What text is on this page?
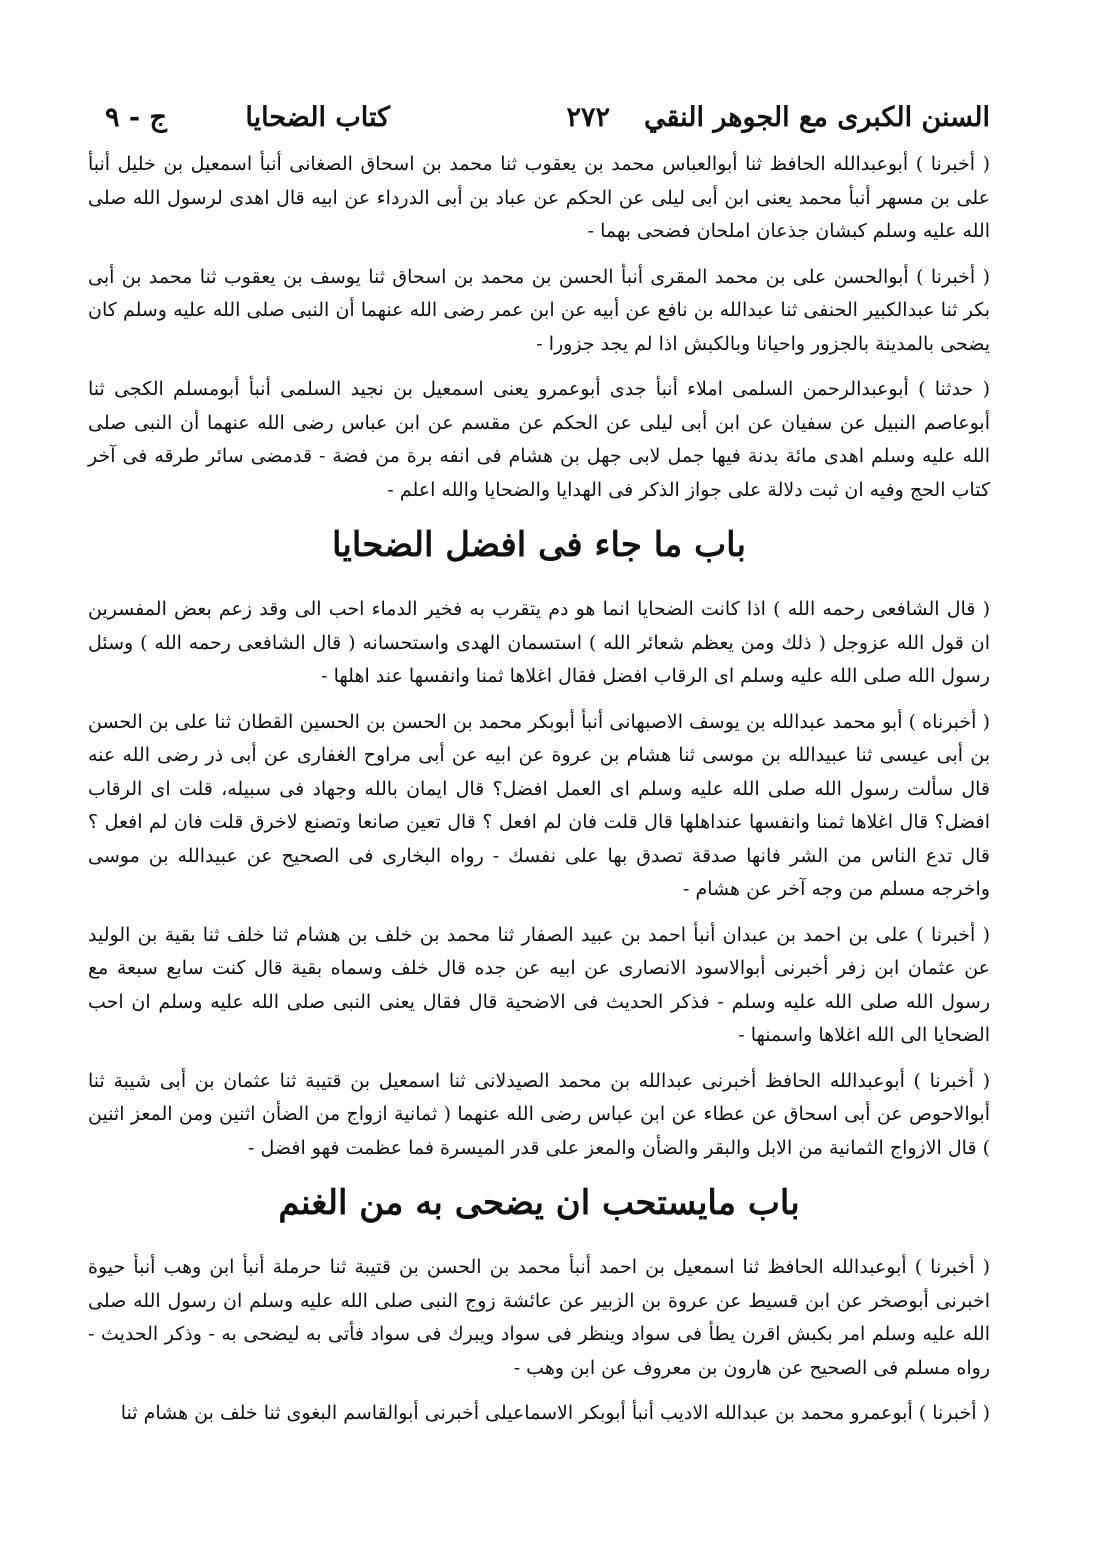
السنن الكبرى مع الجوهر النقي
٢٧٢
كتاب الضحايا
ج - ٩

( أخبرنا ) أبوعبدالله الحافظ ثنا أبوالعباس محمد بن يعقوب ثنا محمد بن اسحاق الصغانى أنبأ اسمعيل بن خليل أنبأ على بن مسهر أنبأ محمد يعنى ابن أبى ليلى عن الحكم عن عباد بن أبى الدرداء عن ابيه قال اهدى لرسول الله صلى الله عليه وسلم كبشان جذعان املحان فضحى بهما -

( أخبرنا ) أبوالحسن على بن محمد المقرى أنبأ الحسن بن محمد بن اسحاق ثنا يوسف بن يعقوب ثنا محمد بن أبى بكر ثنا عبدالكبير الحنفى ثنا عبدالله بن نافع عن أبيه عن ابن عمر رضى الله عنهما أن النبى صلى الله عليه وسلم كان يضحى بالمدينة بالجزور واحيانا وبالكبش اذا لم يجد جزورا -

( حدثنا ) أبوعبدالرحمن السلمى املاء أنبأ جدى أبوعمرو يعنى اسمعيل بن نجيد السلمى أنبأ أبومسلم الكجى ثنا أبوعاصم النبيل عن سفيان عن ابن أبى ليلى عن الحكم عن مقسم عن ابن عباس رضى الله عنهما أن النبى صلى الله عليه وسلم اهدى مائة بدنة فيها جمل لابى جهل بن هشام فى انفه برة من فضة - قدمضى سائر طرقه فى آخر كتاب الحج وفيه ان ثبت دلالة على جواز الذكر فى الهدايا والضحايا والله اعلم -

باب ما جاء فى افضل الضحايا

( قال الشافعى رحمه الله ) اذا كانت الضحايا انما هو دم يتقرب به فخير الدماء احب الى وقد زعم بعض المفسرين ان قول الله عزوجل ( ذلك ومن يعظم شعائر الله ) استسمان الهدى واستحسانه ( قال الشافعى رحمه الله ) وسئل رسول الله صلى الله عليه وسلم اى الرقاب افضل فقال اغلاها ثمنا وانفسها عند اهلها -

( أخبرناه ) أبو محمد عبدالله بن يوسف الاصبهانى أنبأ أبوبكر محمد بن الحسن بن الحسين القطان ثنا على بن الحسن بن أبى عيسى ثنا عبيدالله بن موسى ثنا هشام بن عروة عن ابيه عن أبى مراوح الغفارى عن أبى ذر رضى الله عنه قال سألت رسول الله صلى الله عليه وسلم اى العمل افضل؟ قال ايمان بالله وجهاد فى سبيله، قلت اى الرقاب افضل؟ قال اغلاها ثمنا وانفسها عنداهلها قال قلت فان لم افعل ؟ قال تعين صانعا وتصنع لاخرق قلت فان لم افعل ؟ قال تدع الناس من الشر فانها صدقة تصدق بها على نفسك - رواه البخارى فى الصحيح عن عبيدالله بن موسى واخرجه مسلم من وجه آخر عن هشام -

( أخبرنا ) على بن احمد بن عبدان أنبأ احمد بن عبيد الصفار ثنا محمد بن خلف بن هشام ثنا خلف ثنا بقية بن الوليد عن عثمان ابن زفر أخبرنى أبوالاسود الانصارى عن ابيه عن جده قال خلف وسماه بقية قال كنت سابع سبعة مع رسول الله صلى الله عليه وسلم - فذكر الحديث فى الاضحية قال فقال يعنى النبى صلى الله عليه وسلم ان احب الضحايا الى الله اغلاها واسمنها -

( أخبرنا ) أبوعبدالله الحافظ أخبرنى عبدالله بن محمد الصيدلانى ثنا اسمعيل بن قتيبة ثنا عثمان بن أبى شيبة ثنا أبوالاحوص عن أبى اسحاق عن عطاء عن ابن عباس رضى الله عنهما ( ثمانية ازواج من الضأن اثنين ومن المعز اثنين ) قال الازواج الثمانية من الابل والبقر والضأن والمعز على قدر الميسرة فما عظمت فهو افضل -

باب مايستحب ان يضحى به من الغنم

( أخبرنا ) أبوعبدالله الحافظ ثنا اسمعيل بن احمد أنبأ محمد بن الحسن بن قتيبة ثنا حرملة أنبأ ابن وهب أنبأ حيوة اخبرنى أبوصخر عن ابن قسيط عن عروة بن الزبير عن عائشة زوج النبى صلى الله عليه وسلم ان رسول الله صلى الله عليه وسلم امر بكبش اقرن يطأ فى سواد وينظر فى سواد ويبرك فى سواد فأتى به ليضحى به - وذكر الحديث - رواه مسلم فى الصحيح عن هارون بن معروف عن ابن وهب -

( أخبرنا ) أبوعمرو محمد بن عبدالله الاديب أنبأ أبوبكر الاسماعيلى أخبرنى أبوالقاسم البغوى ثنا خلف بن هشام ثنا
